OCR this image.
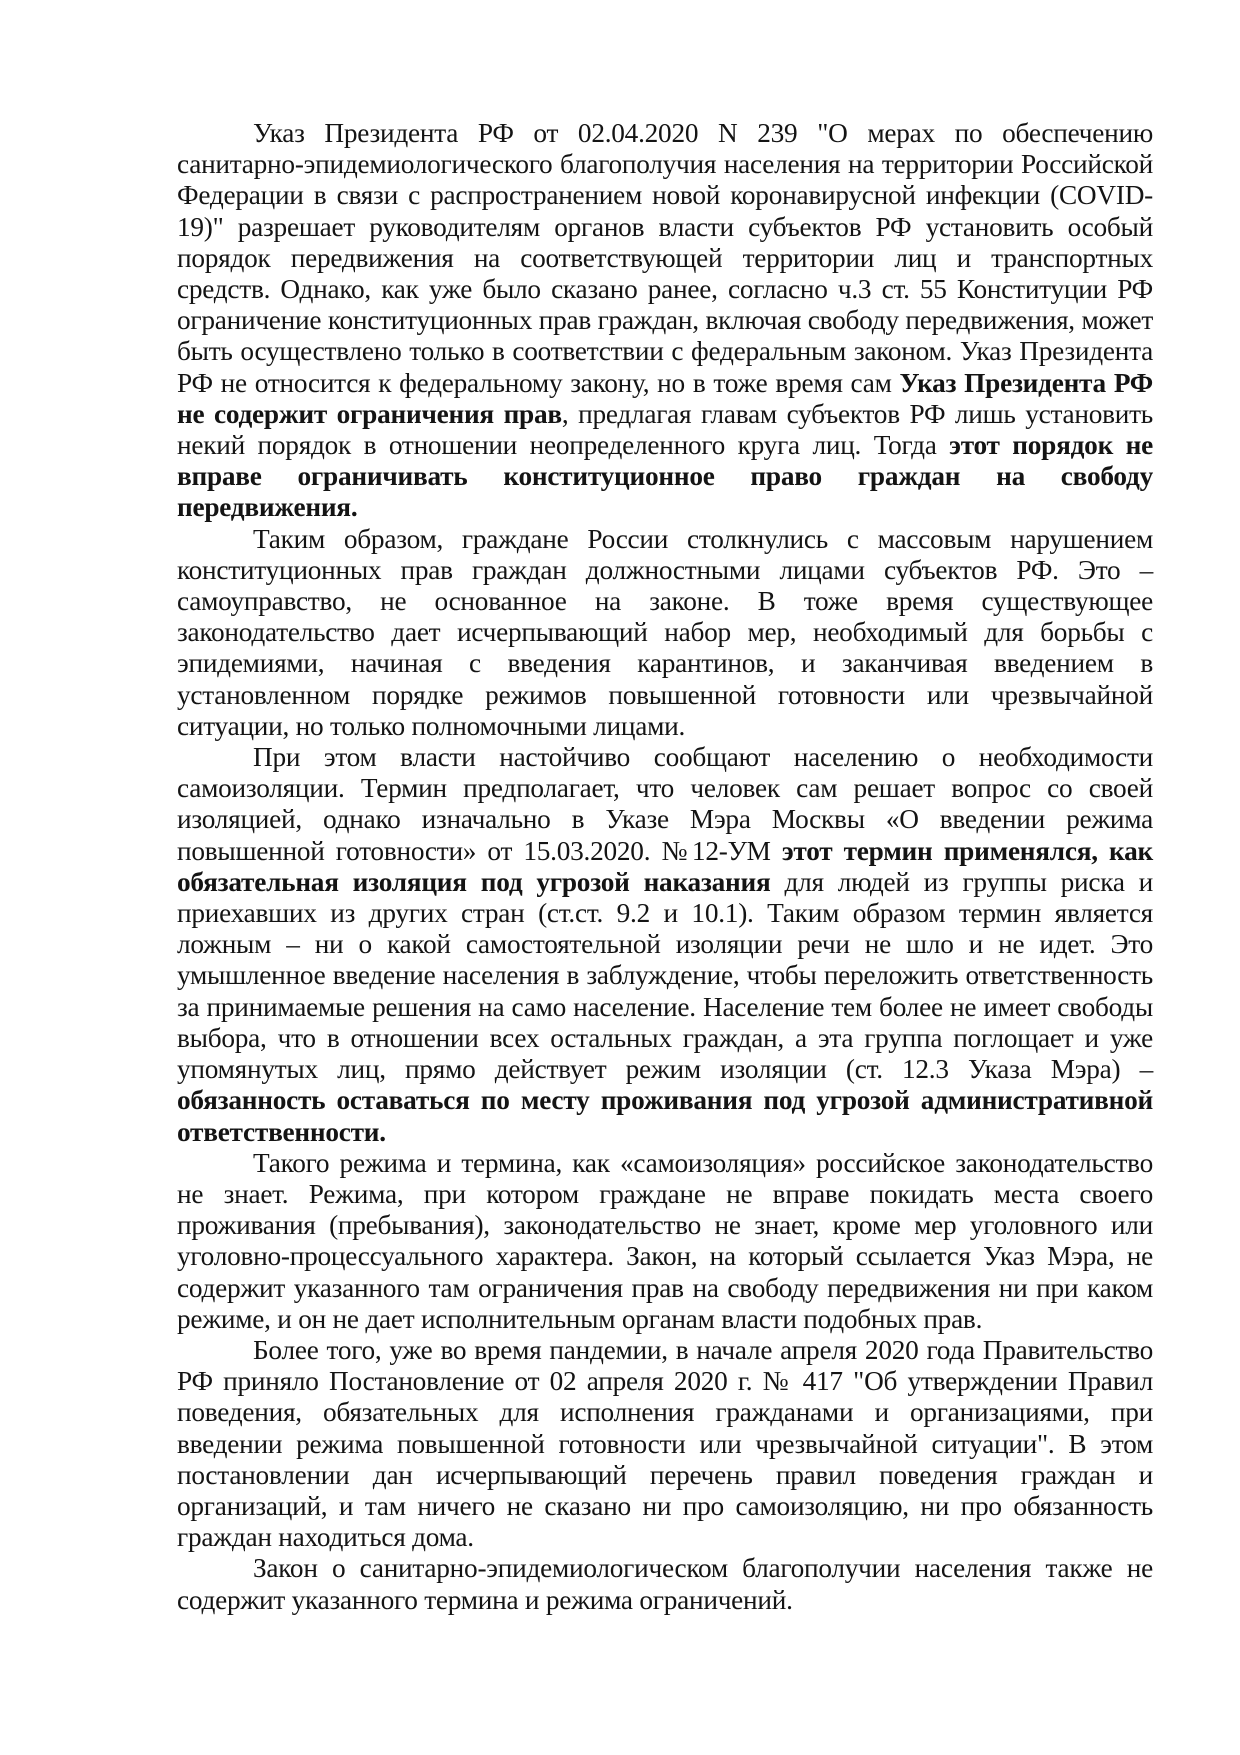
Указ Президента РФ от 02.04.2020 N 239 "О мерах по обеспечению санитарно-эпидемиологического благополучия населения на территории Российской Федерации в связи с распространением новой коронавирусной инфекции (COVID-19)" разрешает руководителям органов власти субъектов РФ установить особый порядок передвижения на соответствующей территории лиц и транспортных средств. Однако, как уже было сказано ранее, согласно ч.3 ст. 55 Конституции РФ ограничение конституционных прав граждан, включая свободу передвижения, может быть осуществлено только в соответствии с федеральным законом. Указ Президента РФ не относится к федеральному закону, но в тоже время сам Указ Президента РФ не содержит ограничения прав, предлагая главам субъектов РФ лишь установить некий порядок в отношении неопределенного круга лиц. Тогда этот порядок не вправе ограничивать конституционное право граждан на свободу передвижения.

Таким образом, граждане России столкнулись с массовым нарушением конституционных прав граждан должностными лицами субъектов РФ. Это – самоуправство, не основанное на законе. В тоже время существующее законодательство дает исчерпывающий набор мер, необходимый для борьбы с эпидемиями, начиная с введения карантинов, и заканчивая введением в установленном порядке режимов повышенной готовности или чрезвычайной ситуации, но только полномочными лицами.

При этом власти настойчиво сообщают населению о необходимости самоизоляции. Термин предполагает, что человек сам решает вопрос со своей изоляцией, однако изначально в Указе Мэра Москвы «О введении режима повышенной готовности» от 15.03.2020. №12-УМ этот термин применялся, как обязательная изоляция под угрозой наказания для людей из группы риска и приехавших из других стран (ст.ст. 9.2 и 10.1). Таким образом термин является ложным – ни о какой самостоятельной изоляции речи не шло и не идет. Это умышленное введение населения в заблуждение, чтобы переложить ответственность за принимаемые решения на само население. Население тем более не имеет свободы выбора, что в отношении всех остальных граждан, а эта группа поглощает и уже упомянутых лиц, прямо действует режим изоляции (ст. 12.3 Указа Мэра) – обязанность оставаться по месту проживания под угрозой административной ответственности.

Такого режима и термина, как «самоизоляция» российское законодательство не знает. Режима, при котором граждане не вправе покидать места своего проживания (пребывания), законодательство не знает, кроме мер уголовного или уголовно-процессуального характера. Закон, на который ссылается Указ Мэра, не содержит указанного там ограничения прав на свободу передвижения ни при каком режиме, и он не дает исполнительным органам власти подобных прав.

Более того, уже во время пандемии, в начале апреля 2020 года Правительство РФ приняло Постановление от 02 апреля 2020 г. № 417 "Об утверждении Правил поведения, обязательных для исполнения гражданами и организациями, при введении режима повышенной готовности или чрезвычайной ситуации". В этом постановлении дан исчерпывающий перечень правил поведения граждан и организаций, и там ничего не сказано ни про самоизоляцию, ни про обязанность граждан находиться дома.

Закон о санитарно-эпидемиологическом благополучии населения также не содержит указанного термина и режима ограничений.
